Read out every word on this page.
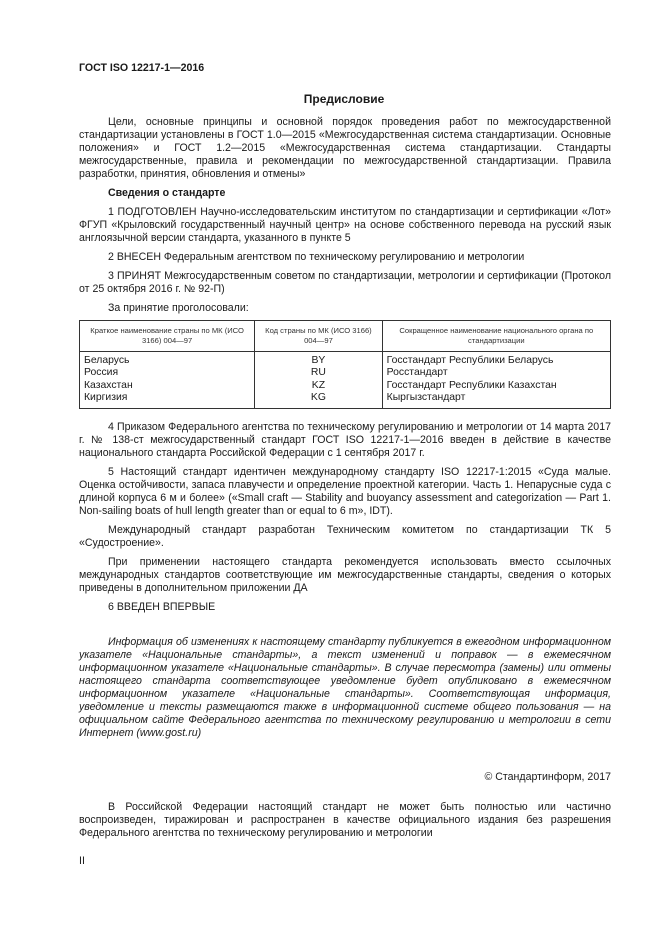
ГОСТ ISO 12217-1—2016
Предисловие

Цели, основные принципы и основной порядок проведения работ по межгосударственной стандартизации установлены в ГОСТ 1.0—2015 «Межгосударственная система стандартизации. Основные положения» и ГОСТ 1.2—2015 «Межгосударственная система стандартизации. Стандарты межгосударственные, правила и рекомендации по межгосударственной стандартизации. Правила разработки, принятия, обновления и отмены»

Сведения о стандарте

1 ПОДГОТОВЛЕН Научно-исследовательским институтом по стандартизации и сертификации «Лот» ФГУП «Крыловский государственный научный центр» на основе собственного перевода на русский язык англоязычной версии стандарта, указанного в пункте 5

2 ВНЕСЕН Федеральным агентством по техническому регулированию и метрологии

3 ПРИНЯТ Межгосударственным советом по стандартизации, метрологии и сертификации (Протокол от 25 октября 2016 г. № 92-П)

За принятие проголосовали:

Краткое наименование страны по МК (ИСО 3166) 004—97	Код страны по МК (ИСО 3166) 004—97	Сокращенное наименование национального органа по стандартизации
Беларусь	BY	Госстандарт Республики Беларусь
Россия	RU	Росстандарт
Казахстан	KZ	Госстандарт Республики Казахстан
Киргизия	KG	Кыргызстандарт

4 Приказом Федерального агентства по техническому регулированию и метрологии от 14 марта 2017 г. № 138-ст межгосударственный стандарт ГОСТ ISO 12217-1—2016 введен в действие в качестве национального стандарта Российской Федерации с 1 сентября 2017 г.

5 Настоящий стандарт идентичен международному стандарту ISO 12217-1:2015 «Суда малые. Оценка остойчивости, запаса плавучести и определение проектной категории. Часть 1. Непарусные суда с длиной корпуса 6 м и более» («Small craft — Stability and buoyancy assessment and categorization — Part 1. Non-sailing boats of hull length greater than or equal to 6 m», IDT).

Международный стандарт разработан Техническим комитетом по стандартизации ТК 5 «Судостроение».

При применении настоящего стандарта рекомендуется использовать вместо ссылочных международных стандартов соответствующие им межгосударственные стандарты, сведения о которых приведены в дополнительном приложении ДА

6 ВВЕДЕН ВПЕРВЫЕ

Информация об изменениях к настоящему стандарту публикуется в ежегодном информационном указателе «Национальные стандарты», а текст изменений и поправок — в ежемесячном информационном указателе «Национальные стандарты». В случае пересмотра (замены) или отмены настоящего стандарта соответствующее уведомление будет опубликовано в ежемесячном информационном указателе «Национальные стандарты». Соответствующая информация, уведомление и тексты размещаются также в информационной системе общего пользования — на официальном сайте Федерального агентства по техническому регулированию и метрологии в сети Интернет (www.gost.ru)

© Стандартинформ, 2017

В Российской Федерации настоящий стандарт не может быть полностью или частично воспроизведен, тиражирован и распространен в качестве официального издания без разрешения Федерального агентства по техническому регулированию и метрологии

II
